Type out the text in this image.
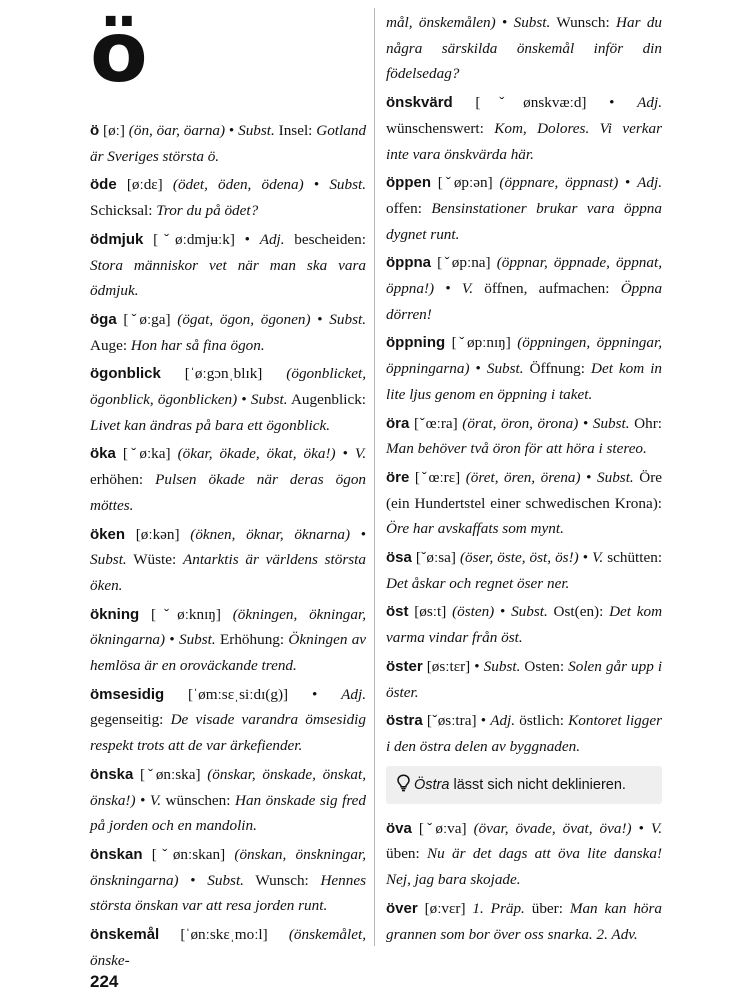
ö
ö [øː] (ön, öar, öarna) • Subst. Insel: Gotland är Sveriges största ö.
öde [øːdɛ] (ödet, öden, ödena) • Subst. Schicksal: Tror du på ödet?
ödmjuk [ˇøːdmjʉːk] • Adj. bescheiden: Stora människor vet när man ska vara ödmjuk.
öga [ˇøːga] (ögat, ögon, ögonen) • Subst. Auge: Hon har så fina ögon.
ögonblick [ˈøːgɔnˌblɪk] (ögonblicket, ögonblick, ögonblicken) • Subst. Augenblick: Livet kan ändras på bara ett ögonblick.
öka [ˇøːka] (ökar, ökade, ökat, öka!) • V. erhöhen: Pulsen ökade när deras ögon möttes.
öken [øːkən] (öknen, öknar, öknarna) • Subst. Wüste: Antarktis är världens största öken.
ökning [ˇøːknɪŋ] (ökningen, ökningar, ökningarna) • Subst. Erhöhung: Ökningen av hemlösa är en oroväckande trend.
ömsesidig [ˈømːsɛˌsiːdɪ(g)] • Adj. gegenseitig: De visade varandra ömsesidig respekt trots att de var ärkefiender.
önska [ˇønːska] (önskar, önskade, önskat, önska!) • V. wünschen: Han önskade sig fred på jorden och en mandolin.
önskan [ˇønːskan] (önskan, önskningar, önskningarna) • Subst. Wunsch: Hennes största önskan var att resa jorden runt.
önskemål [ˈønːskɛˌmoːl] (önskemålet, önske-
mål, önskemålen) • Subst. Wunsch: Har du några särskilda önskemål inför din födelsedag?
önskvärd [ˇønskvæːd] • Adj. wünschenswert: Kom, Dolores. Vi verkar inte vara önskvärda här.
öppen [ˇøpːən] (öppnare, öppnast) • Adj. offen: Bensinstationer brukar vara öppna dygnet runt.
öppna [ˇøpːna] (öppnar, öppnade, öppnat, öppna!) • V. öffnen, aufmachen: Öppna dörren!
öppning [ˇøpːnɪŋ] (öppningen, öppningar, öppningarna) • Subst. Öffnung: Det kom in lite ljus genom en öppning i taket.
öra [ˇœːra] (örat, öron, örona) • Subst. Ohr: Man behöver två öron för att höra i stereo.
öre [ˇœːrɛ] (öret, ören, örena) • Subst. Öre (ein Hundertstel einer schwedischen Krona): Öre har avskaffats som mynt.
ösa [ˇøːsa] (öser, öste, öst, ös!) • V. schütten: Det åskar och regnet öser ner.
öst [øsːt] (östen) • Subst. Ost(en): Det kom varma vindar från öst.
öster [øsːtɛr] • Subst. Osten: Solen går upp i öster.
östra [ˇøsːtra] • Adj. östlich: Kontoret ligger i den östra delen av byggnaden.
Östra lässt sich nicht deklinieren.
öva [ˇøːva] (övar, övade, övat, öva!) • V. üben: Nu är det dags att öva lite danska! Nej, jag bara skojade.
över [øːvɛr] 1. Präp. über: Man kan höra grannen som bor över oss snarka. 2. Adv.
224
